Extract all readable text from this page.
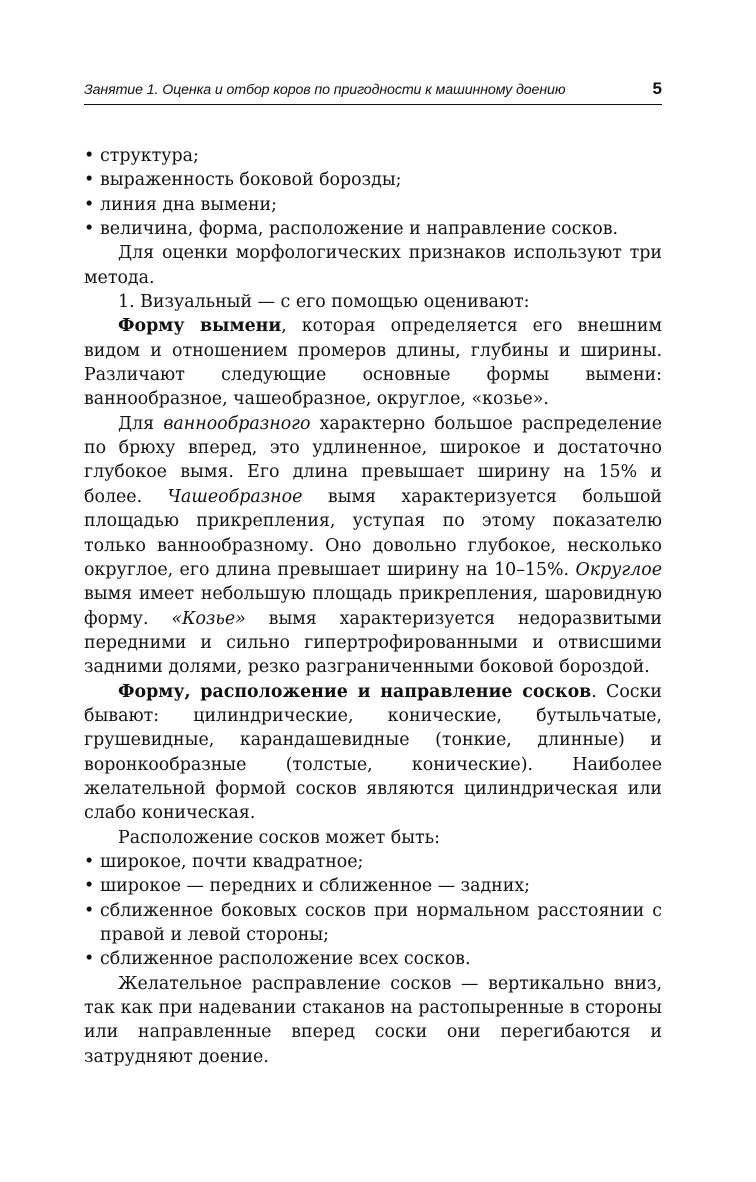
Занятие 1. Оценка и отбор коров по пригодности к машинному доению	5

• структура;

• выраженность боковой борозды;

• линия дна вымени;

• величина, форма, расположение и направление сосков.

Для оценки морфологических признаков используют три метода.

1. Визуальный — с его помощью оценивают:

Форму вымени, которая определяется его внешним видом и отношением промеров длины, глубины и ширины. Различают следующие основные формы вымени: ваннообразное, чашеобразное, округлое, «козье».

Для ваннообразного характерно большое распределение по брюху вперед, это удлиненное, широкое и достаточно глубокое вымя. Его длина превышает ширину на 15% и более. Чашеобразное вымя характеризуется большой площадью прикрепления, уступая по этому показателю только ваннообразному. Оно довольно глубокое, несколько округлое, его длина превышает ширину на 10–15%. Округлое вымя имеет небольшую площадь прикрепления, шаровидную форму. «Козье» вымя характеризуется недоразвитыми передними и сильно гипертрофированными и отвисшими задними долями, резко разграниченными боковой бороздой.

Форму, расположение и направление сосков. Соски бывают: цилиндрические, конические, бутыльчатые, грушевидные, карандашевидные (тонкие, длинные) и воронкообразные (толстые, конические). Наиболее желательной формой сосков являются цилиндрическая или слабо коническая.

Расположение сосков может быть:

• широкое, почти квадратное;

• широкое — передних и сближенное — задних;

• сближенное боковых сосков при нормальном расстоянии с правой и левой стороны;

• сближенное расположение всех сосков.

Желательное расправление сосков — вертикально вниз, так как при надевании стаканов на растопыренные в стороны или направленные вперед соски они перегибаются и затрудняют доение.
